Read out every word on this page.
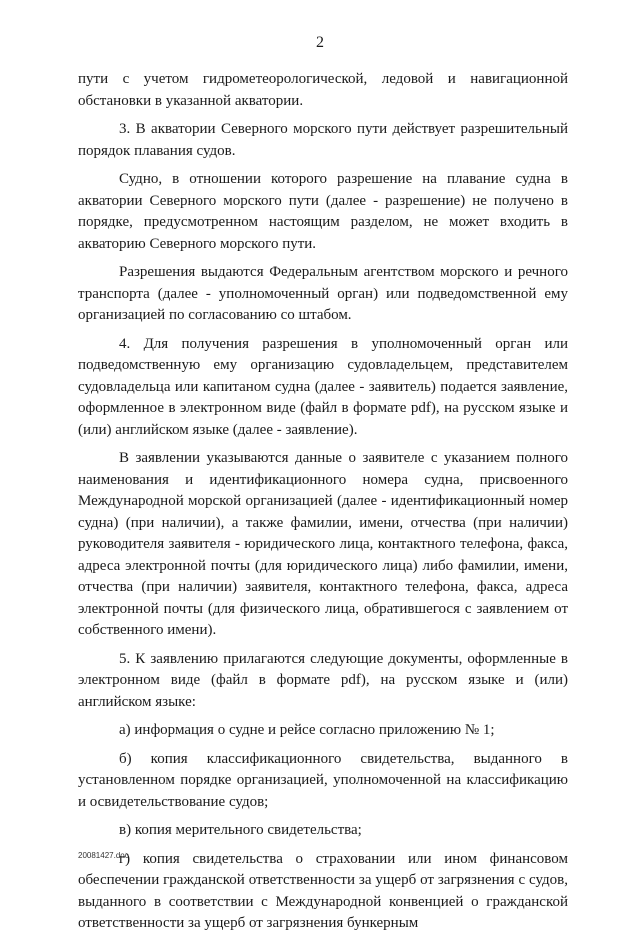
2

пути с учетом гидрометеорологической, ледовой и навигационной обстановки в указанной акватории.

3. В акватории Северного морского пути действует разрешительный порядок плавания судов.

Судно, в отношении которого разрешение на плавание судна в акватории Северного морского пути (далее - разрешение) не получено в порядке, предусмотренном настоящим разделом, не может входить в акваторию Северного морского пути.

Разрешения выдаются Федеральным агентством морского и речного транспорта (далее - уполномоченный орган) или подведомственной ему организацией по согласованию со штабом.

4. Для получения разрешения в уполномоченный орган или подведомственную ему организацию судовладельцем, представителем судовладельца или капитаном судна (далее - заявитель) подается заявление, оформленное в электронном виде (файл в формате pdf), на русском языке и (или) английском языке (далее - заявление).

В заявлении указываются данные о заявителе с указанием полного наименования и идентификационного номера судна, присвоенного Международной морской организацией (далее - идентификационный номер судна) (при наличии), а также фамилии, имени, отчества (при наличии) руководителя заявителя - юридического лица, контактного телефона, факса, адреса электронной почты (для юридического лица) либо фамилии, имени, отчества (при наличии) заявителя, контактного телефона, факса, адреса электронной почты (для физического лица, обратившегося с заявлением от собственного имени).

5. К заявлению прилагаются следующие документы, оформленные в электронном виде (файл в формате pdf), на русском языке и (или) английском языке:

а) информация о судне и рейсе согласно приложению № 1;

б) копия классификационного свидетельства, выданного в установленном порядке организацией, уполномоченной на классификацию и освидетельствование судов;

в) копия мерительного свидетельства;

г) копия свидетельства о страховании или ином финансовом обеспечении гражданской ответственности за ущерб от загрязнения с судов, выданного в соответствии с Международной конвенцией о гражданской ответственности за ущерб от загрязнения бункерным

20081427.doc
